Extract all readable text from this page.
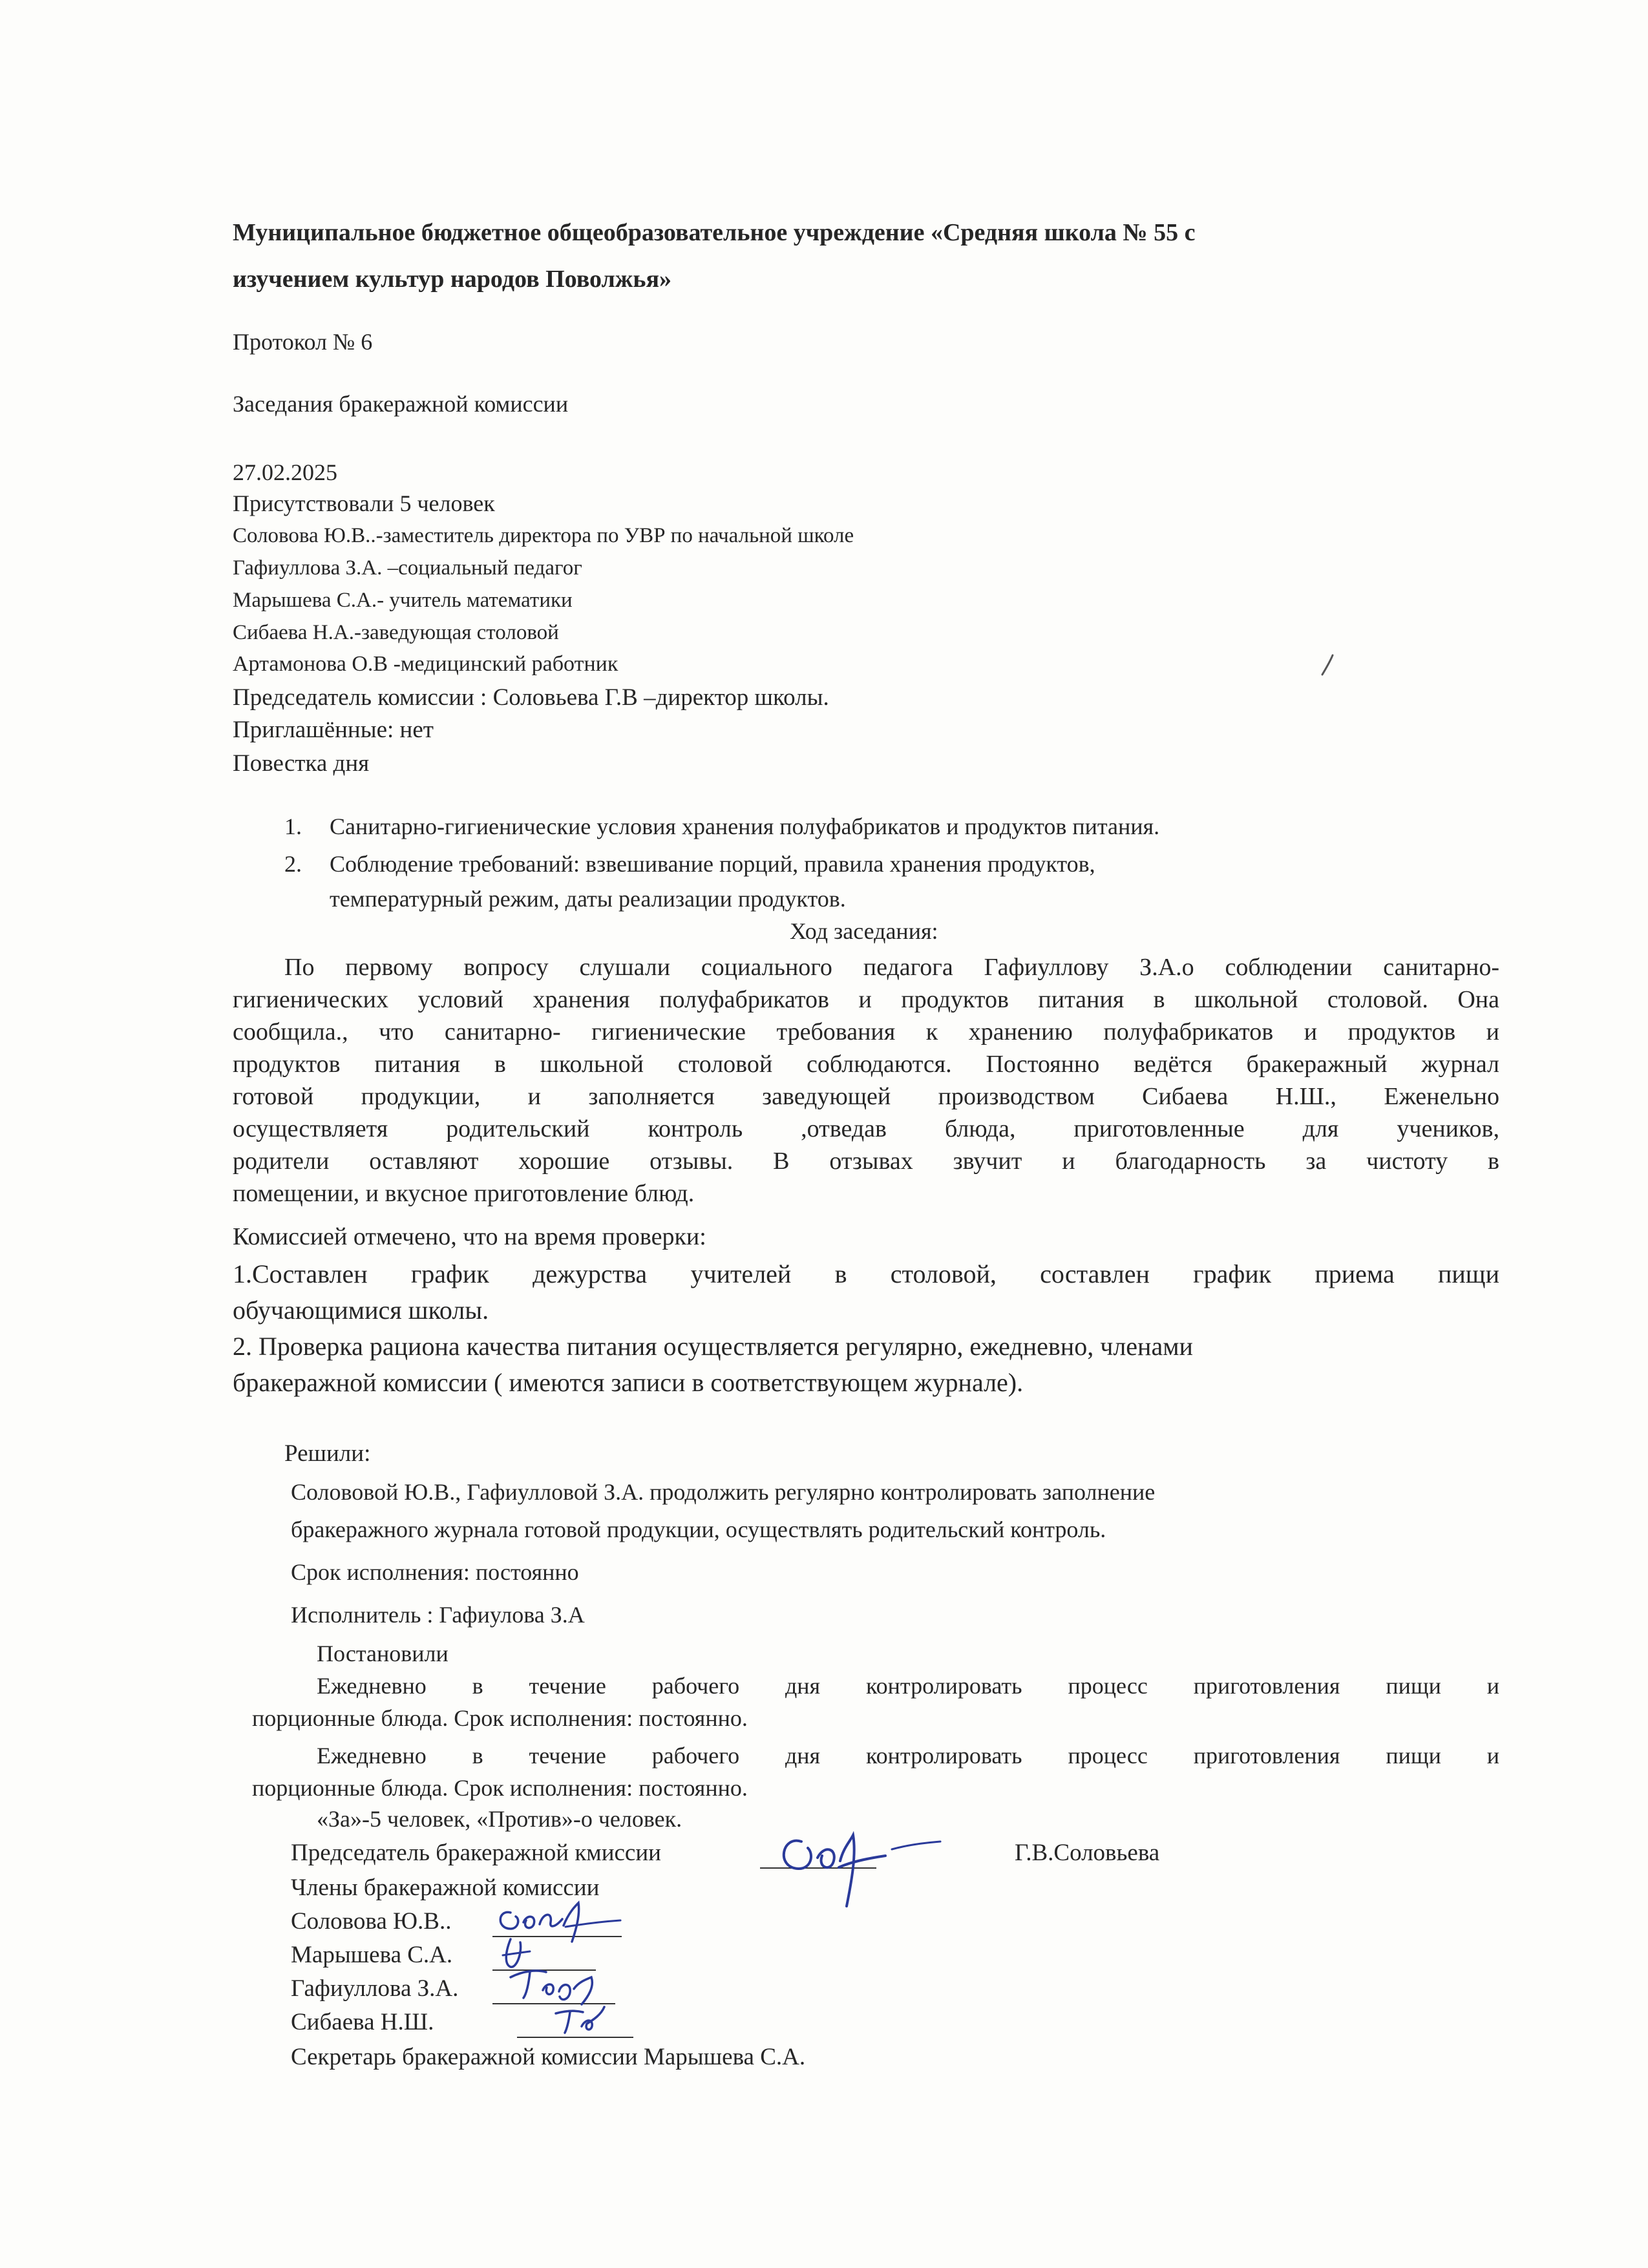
Муниципальное бюджетное общеобразовательное учреждение «Средняя школа № 55 с
изучением культур народов Поволжья»
Протокол № 6
Заседания бракеражной комиссии
27.02.2025
Присутствовали 5 человек
Соловова Ю.В..-заместитель директора по УВР по начальной школе
Гафиуллова З.А. –социальный педагог
Марышева С.А.- учитель математики
Сибаева Н.А.-заведующая столовой
Артамонова О.В -медицинский работник
Председатель комиссии : Соловьева Г.В –директор школы.
Приглашённые: нет
Повестка дня
1. Санитарно-гигиенические условия хранения полуфабрикатов и продуктов питания.
2. Соблюдение требований: взвешивание порций, правила хранения продуктов,
температурный режим, даты реализации продуктов.
Ход заседания:
По первому вопросу слушали социального педагога Гафиуллову З.А.о соблюдении санитарно-
гигиенических условий хранения полуфабрикатов и продуктов питания в школьной столовой. Она
сообщила., что санитарно- гигиенические требования к хранению полуфабрикатов и продуктов и
продуктов питания в школьной столовой соблюдаются. Постоянно ведётся бракеражный журнал
готовой продукции, и заполняется заведующей производством Сибаева Н.Ш., Еженельно
осуществляетя родительский контроль ,отведав блюда, приготовленные для учеников,
родители оставляют хорошие отзывы. В отзывах звучит и благодарность за чистоту в
помещении, и вкусное приготовление блюд.
Комиссией отмечено, что на время проверки:
1.Составлен график дежурства учителей в столовой, составлен график приема пищи
обучающимися школы.
2. Проверка рациона качества питания осуществляется регулярно, ежедневно, членами
бракеражной комиссии ( имеются записи в соответствующем журнале).
Решили:
Солововой Ю.В., Гафиулловой З.А. продолжить регулярно контролировать заполнение
бракеражного журнала готовой продукции, осуществлять родительский контроль.
Срок исполнения: постоянно
Исполнитель : Гафиулова З.А
Постановили
Ежедневно в течение рабочего дня контролировать процесс приготовления пищи и
порционные блюда. Срок исполнения: постоянно.
Ежедневно в течение рабочего дня контролировать процесс приготовления пищи и
порционные блюда. Срок исполнения: постоянно.
«За»-5 человек, «Против»-о человек.
Председатель бракеражной кмиссии	Г.В.Соловьева
Члены бракеражной комиссии
Соловова Ю.В..
Марышева С.А.
Гафиуллова З.А.
Сибаева Н.Ш.
Секретарь бракеражной комиссии Марышева С.А.
